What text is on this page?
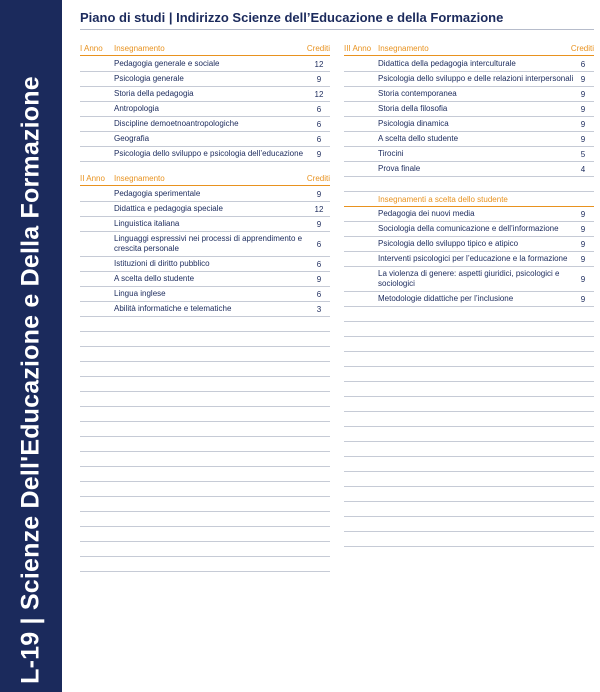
L-19 | Scienze Dell'Educazione e Della Formazione
Piano di studi | Indirizzo Scienze dell’Educazione e della Formazione
I Anno	Insegnamento	Crediti
Pedagogia generale e sociale	12
Psicologia generale	9
Storia della pedagogia	12
Antropologia	6
Discipline demoetnoantropologiche	6
Geografia	6
Psicologia dello sviluppo e psicologia dell’educazione	9
II Anno	Insegnamento	Crediti
Pedagogia sperimentale	9
Didattica e pedagogia speciale	12
Linguistica italiana	9
Linguaggi espressivi nei processi di apprendimento e crescita personale	6
Istituzioni di diritto pubblico	6
A scelta dello studente	9
Lingua inglese	6
Abilità informatiche e telematiche	3
III Anno Insegnamento	Crediti
Didattica della pedagogia interculturale	6
Psicologia dello sviluppo e delle relazioni interpersonali 9
Storia contemporanea	9
Storia della filosofia	9
Psicologia dinamica	9
A scelta dello studente	9
Tirocini	5
Prova finale	4
Insegnamenti a scelta dello studente
Pedagogia dei nuovi media	9
Sociologia della comunicazione e dell’informazione	9
Psicologia dello sviluppo tipico e atipico	9
Interventi psicologici per l’educazione e la formazione	9
La violenza di genere: aspetti giuridici, psicologici e sociologici	9
Metodologie didattiche per l’inclusione	9
